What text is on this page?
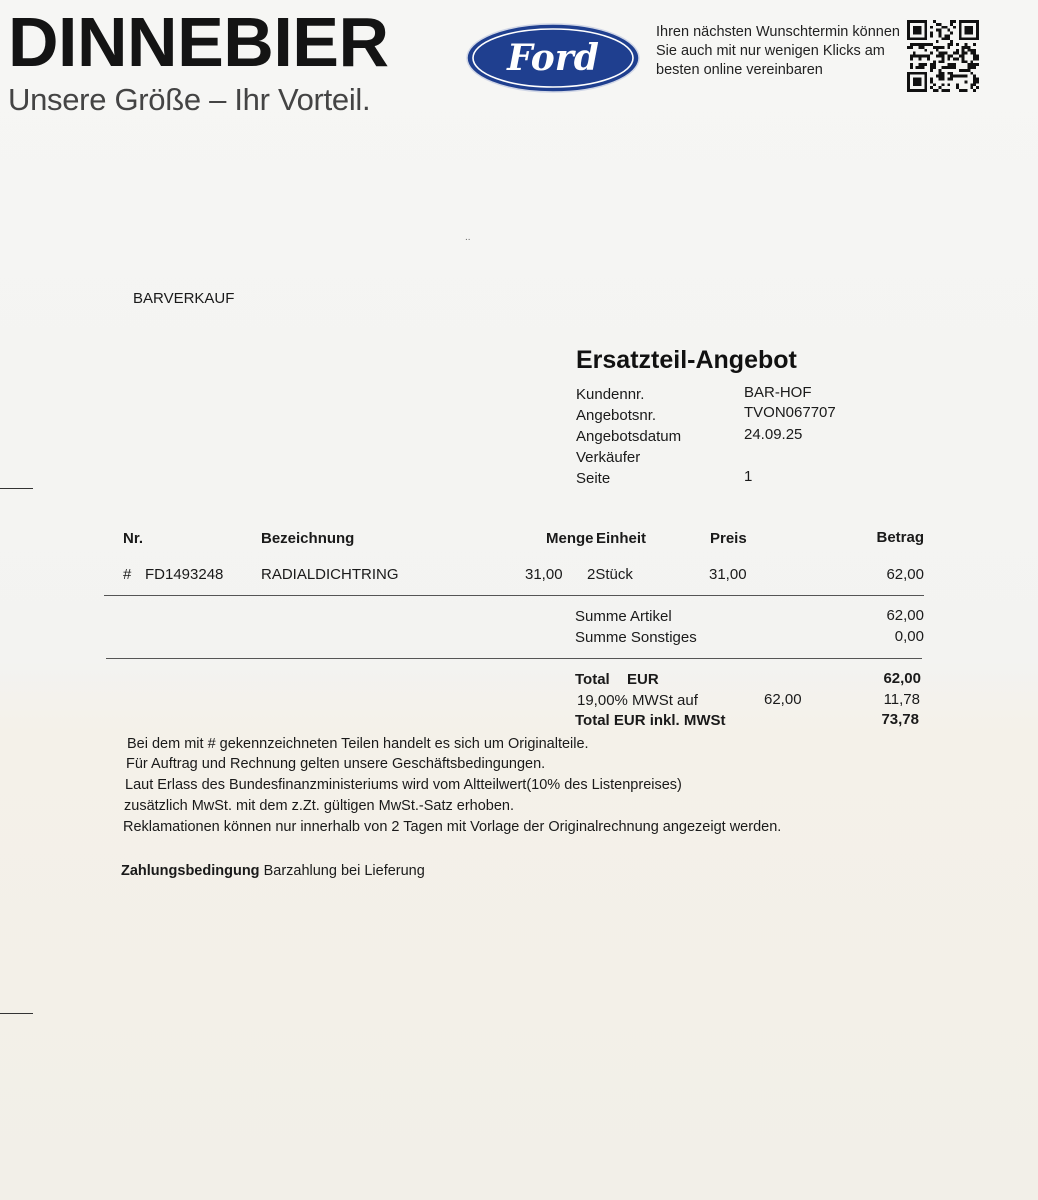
DINNEBIER
Unsere Größe – Ihr Vorteil.
Ford
Ihren nächsten Wunschtermin können
Sie auch mit nur wenigen Klicks am
besten online vereinbaren
..
BARVERKAUF
Ersatzteil-Angebot
Kundennr.	BAR-HOF
Angebotsnr.	TVON067707
Angebotsdatum	24.09.25
Verkäufer
Seite	1
Nr.	Bezeichnung	Menge Einheit	Preis	Betrag
# FD1493248	RADIALDICHTRING	31,00 2Stück	31,00	62,00
Summe Artikel	62,00
Summe Sonstiges	0,00
Total EUR	62,00
19,00% MWSt auf	62,00	11,78
Total EUR inkl. MWSt	73,78
Bei dem mit # gekennzeichneten Teilen handelt es sich um Originalteile.
Für Auftrag und Rechnung gelten unsere Geschäftsbedingungen.
Laut Erlass des Bundesfinanzministeriums wird vom Altteilwert(10% des Listenpreises)
zusätzlich MwSt. mit dem z.Zt. gültigen MwSt.-Satz erhoben.
Reklamationen können nur innerhalb von 2 Tagen mit Vorlage der Originalrechnung angezeigt werden.
Zahlungsbedingung Barzahlung bei Lieferung
